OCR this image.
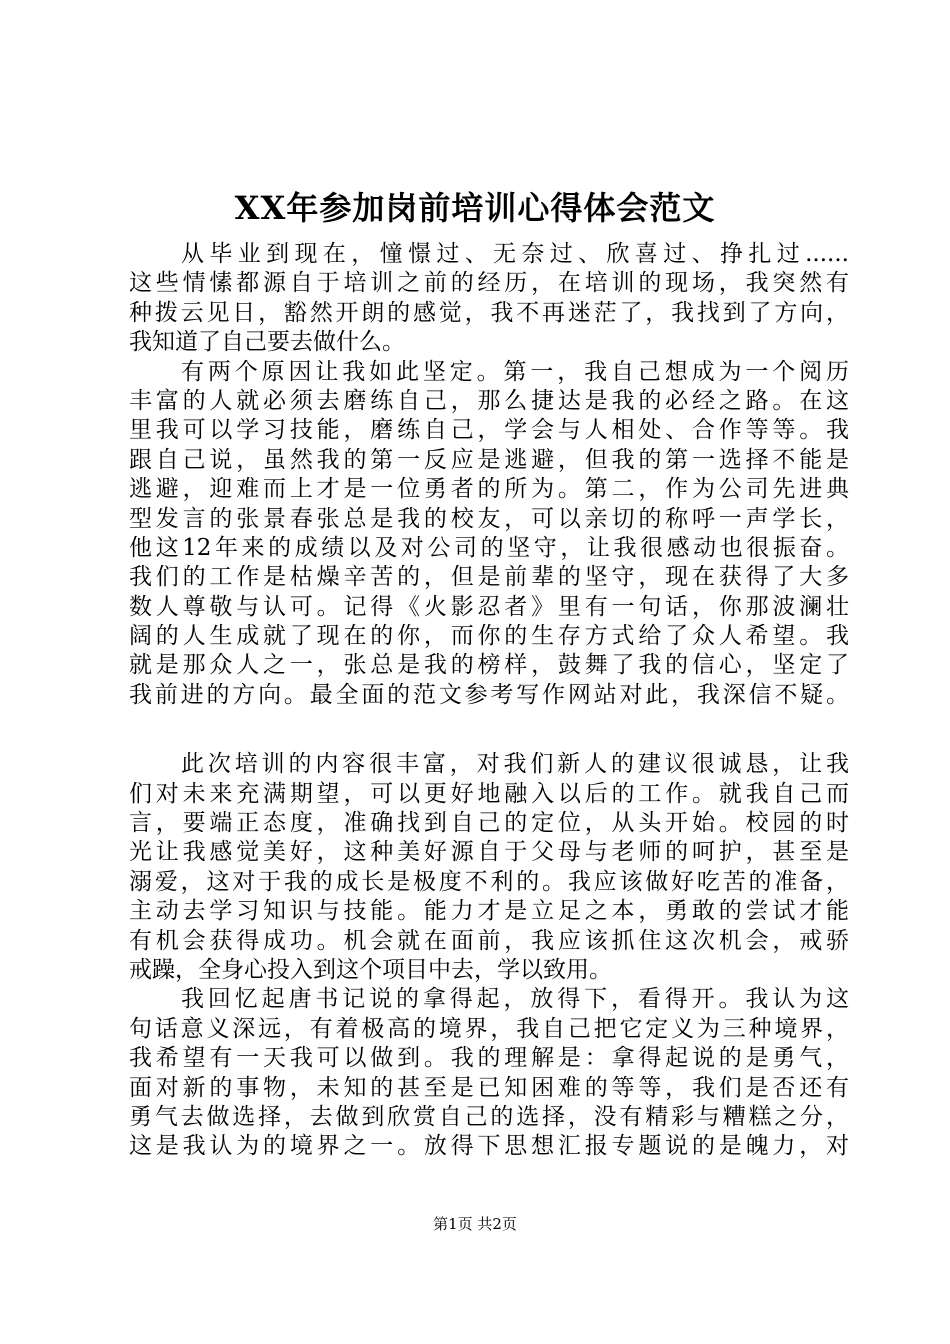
XX年参加岗前培训心得体会范文
从毕业到现在，憧憬过、无奈过、欣喜过、挣扎过......
这些情愫都源自于培训之前的经历，在培训的现场，我突然有
种拨云见日，豁然开朗的感觉，我不再迷茫了，我找到了方向，
我知道了自己要去做什么。
有两个原因让我如此坚定。第一，我自己想成为一个阅历
丰富的人就必须去磨练自己，那么捷达是我的必经之路。在这
里我可以学习技能，磨练自己，学会与人相处、合作等等。我
跟自己说，虽然我的第一反应是逃避，但我的第一选择不能是
逃避，迎难而上才是一位勇者的所为。第二，作为公司先进典
型发言的张景春张总是我的校友，可以亲切的称呼一声学长，
他这12年来的成绩以及对公司的坚守，让我很感动也很振奋。
我们的工作是枯燥辛苦的，但是前辈的坚守，现在获得了大多
数人尊敬与认可。记得《火影忍者》里有一句话，你那波澜壮
阔的人生成就了现在的你，而你的生存方式给了众人希望。我
就是那众人之一，张总是我的榜样，鼓舞了我的信心，坚定了
我前进的方向。最全面的范文参考写作网站对此，我深信不疑。
此次培训的内容很丰富，对我们新人的建议很诚恳，让我
们对未来充满期望，可以更好地融入以后的工作。就我自己而
言，要端正态度，准确找到自己的定位，从头开始。校园的时
光让我感觉美好，这种美好源自于父母与老师的呵护，甚至是
溺爱，这对于我的成长是极度不利的。我应该做好吃苦的准备，
主动去学习知识与技能。能力才是立足之本，勇敢的尝试才能
有机会获得成功。机会就在面前，我应该抓住这次机会，戒骄
戒躁，全身心投入到这个项目中去，学以致用。
我回忆起唐书记说的拿得起，放得下，看得开。我认为这
句话意义深远，有着极高的境界，我自己把它定义为三种境界，
我希望有一天我可以做到。我的理解是：拿得起说的是勇气，
面对新的事物，未知的甚至是已知困难的等等，我们是否还有
勇气去做选择，去做到欣赏自己的选择，没有精彩与糟糕之分，
这是我认为的境界之一。放得下思想汇报专题说的是魄力，对
第1页 共2页
